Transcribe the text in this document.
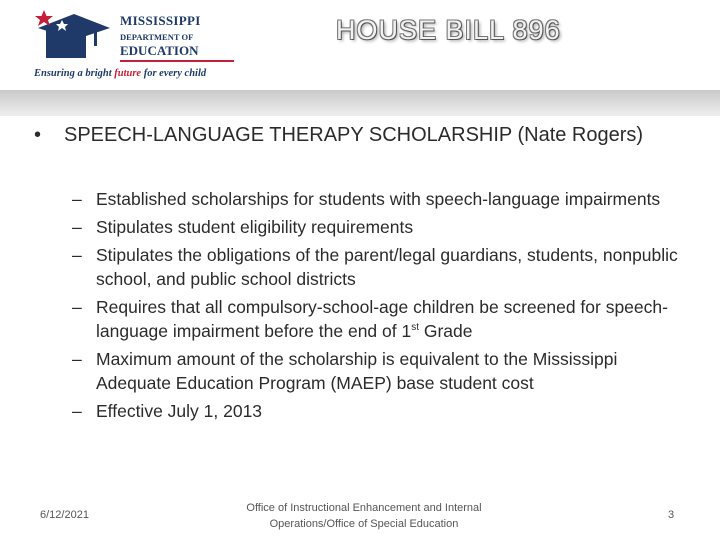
MISSISSIPPI
DEPARTMENT OF
EDUCATION
Ensuring a bright future for every child
HOUSE BILL 896
• SPEECH-LANGUAGE THERAPY SCHOLARSHIP (Nate Rogers)
– Established scholarships for students with speech-language impairments
– Stipulates student eligibility requirements
– Stipulates the obligations of the parent/legal guardians, students, nonpublic school, and public school districts
– Requires that all compulsory-school-age children be screened for speech-language impairment before the end of 1st Grade
– Maximum amount of the scholarship is equivalent to the Mississippi Adequate Education Program (MAEP) base student cost
– Effective July 1, 2013
6/12/2021
Office of Instructional Enhancement and Internal
Operations/Office of Special Education
3
